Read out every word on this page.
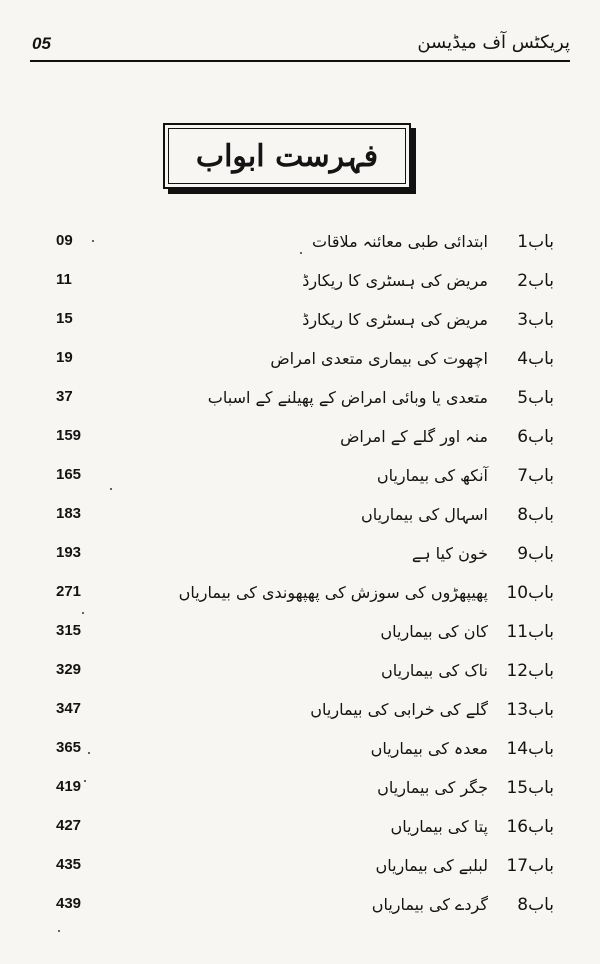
05	پریکٹس آف میڈیسن
فہرست ابواب
باب1
ابتدائی طبی معائنہ ملاقات
09
باب2
مریض کی ہسٹری کا ریکارڈ
11
باب3
مریض کی ہسٹری کا ریکارڈ
15
باب4
اچھوت کی بیماری متعدی امراض
19
باب5
متعدی یا وبائی امراض کے پھیلنے کے اسباب
37
باب6
منہ اور گلے کے امراض
159
باب7
آنکھ کی بیماریاں
165
باب8
اسہال کی بیماریاں
183
باب9
خون کیا ہے
193
باب10
پھیپھڑوں کی سوزش کی پھپھوندی کی بیماریاں
271
باب11
کان کی بیماریاں
315
باب12
ناک کی بیماریاں
329
باب13
گلے کی خرابی کی بیماریاں
347
باب14
معدہ کی بیماریاں
365
باب15
جگر کی بیماریاں
419
باب16
پتا کی بیماریاں
427
باب17
لبلبے کی بیماریاں
435
باب8
گردے کی بیماریاں
439
